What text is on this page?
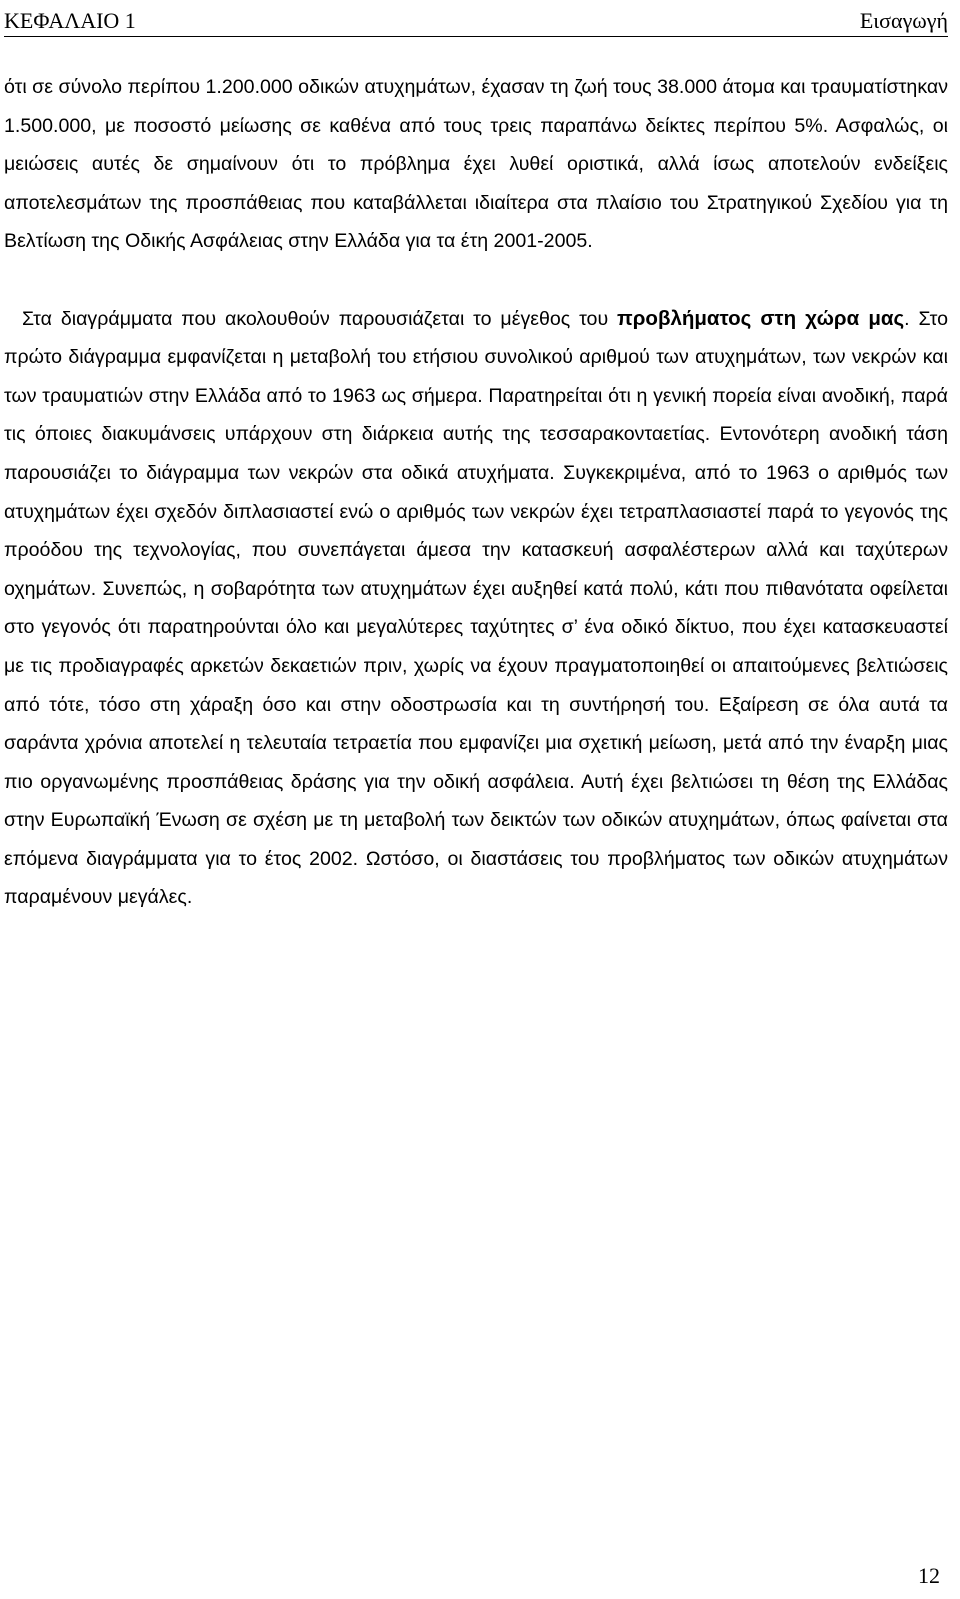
ΚΕΦΑΛΑΙΟ 1	Εισαγωγή

ότι σε σύνολο περίπου 1.200.000 οδικών ατυχημάτων, έχασαν τη ζωή τους 38.000 άτομα και τραυματίστηκαν 1.500.000, με ποσοστό μείωσης σε καθένα από τους τρεις παραπάνω δείκτες περίπου 5%. Ασφαλώς, οι μειώσεις αυτές δε σημαίνουν ότι το πρόβλημα έχει λυθεί οριστικά, αλλά ίσως αποτελούν ενδείξεις αποτελεσμάτων της προσπάθειας που καταβάλλεται ιδιαίτερα στα πλαίσιο του Στρατηγικού Σχεδίου για τη Βελτίωση της Οδικής Ασφάλειας στην Ελλάδα για τα έτη 2001-2005.

Στα διαγράμματα που ακολουθούν παρουσιάζεται το μέγεθος του προβλήματος στη χώρα μας. Στο πρώτο διάγραμμα εμφανίζεται η μεταβολή του ετήσιου συνολικού αριθμού των ατυχημάτων, των νεκρών και των τραυματιών στην Ελλάδα από το 1963 ως σήμερα. Παρατηρείται ότι η γενική πορεία είναι ανοδική, παρά τις όποιες διακυμάνσεις υπάρχουν στη διάρκεια αυτής της τεσσαρακονταετίας. Εντονότερη ανοδική τάση παρουσιάζει το διάγραμμα των νεκρών στα οδικά ατυχήματα. Συγκεκριμένα, από το 1963 ο αριθμός των ατυχημάτων έχει σχεδόν διπλασιαστεί ενώ ο αριθμός των νεκρών έχει τετραπλασιαστεί παρά το γεγονός της προόδου της τεχνολογίας, που συνεπάγεται άμεσα την κατασκευή ασφαλέστερων αλλά και ταχύτερων οχημάτων. Συνεπώς, η σοβαρότητα των ατυχημάτων έχει αυξηθεί κατά πολύ, κάτι που πιθανότατα οφείλεται στο γεγονός ότι παρατηρούνται όλο και μεγαλύτερες ταχύτητες σ’ ένα οδικό δίκτυο, που έχει κατασκευαστεί με τις προδιαγραφές αρκετών δεκαετιών πριν, χωρίς να έχουν πραγματοποιηθεί οι απαιτούμενες βελτιώσεις από τότε, τόσο στη χάραξη όσο και στην οδοστρωσία και τη συντήρησή του. Εξαίρεση σε όλα αυτά τα σαράντα χρόνια αποτελεί η τελευταία τετραετία που εμφανίζει μια σχετική μείωση, μετά από την έναρξη μιας πιο οργανωμένης προσπάθειας δράσης για την οδική ασφάλεια. Αυτή έχει βελτιώσει τη θέση της Ελλάδας στην Ευρωπαϊκή Ένωση σε σχέση με τη μεταβολή των δεικτών των οδικών ατυχημάτων, όπως φαίνεται στα επόμενα διαγράμματα για το έτος 2002. Ωστόσο, οι διαστάσεις του προβλήματος των οδικών ατυχημάτων παραμένουν μεγάλες.

12
